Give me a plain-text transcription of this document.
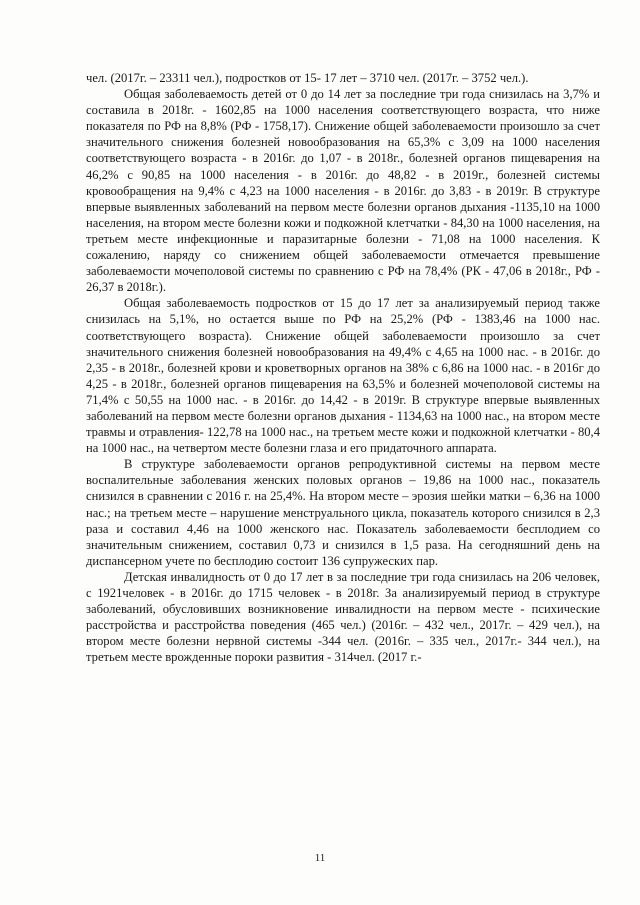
чел. (2017г. – 23311 чел.), подростков от 15- 17 лет – 3710 чел. (2017г. – 3752 чел.).

Общая заболеваемость детей от 0 до 14 лет за последние три года снизилась на 3,7% и составила в 2018г. - 1602,85 на 1000 населения соответствующего возраста, что ниже показателя по РФ на 8,8% (РФ - 1758,17). Снижение общей заболеваемости произошло за счет значительного снижения болезней новообразования на 65,3% с 3,09 на 1000 населения соответствующего возраста - в 2016г. до 1,07 - в 2018г., болезней органов пищеварения на 46,2% с 90,85 на 1000 населения - в 2016г. до 48,82 - в 2019г., болезней системы кровообращения на 9,4% с 4,23 на 1000 населения - в 2016г. до 3,83 - в 2019г. В структуре впервые выявленных заболеваний на первом месте болезни органов дыхания -1135,10 на 1000 населения, на втором месте болезни кожи и подкожной клетчатки - 84,30 на 1000 населения, на третьем месте инфекционные и паразитарные болезни - 71,08 на 1000 населения. К сожалению, наряду со снижением общей заболеваемости отмечается превышение заболеваемости мочеполовой системы по сравнению с РФ на 78,4% (РК - 47,06 в 2018г., РФ - 26,37 в 2018г.).

Общая заболеваемость подростков от 15 до 17 лет за анализируемый период также снизилась на 5,1%, но остается выше по РФ на 25,2% (РФ - 1383,46 на 1000 нас. соответствующего возраста). Снижение общей заболеваемости произошло за счет значительного снижения болезней новообразования на 49,4% с 4,65 на 1000 нас. - в 2016г. до 2,35 - в 2018г., болезней крови и кроветворных органов на 38% с 6,86 на 1000 нас. - в 2016г до 4,25 - в 2018г., болезней органов пищеварения на 63,5% и болезней мочеполовой системы на 71,4% с 50,55 на 1000 нас. - в 2016г. до 14,42 - в 2019г. В структуре впервые выявленных заболеваний на первом месте болезни органов дыхания - 1134,63 на 1000 нас., на втором месте травмы и отравления- 122,78 на 1000 нас., на третьем месте кожи и подкожной клетчатки - 80,4 на 1000 нас., на четвертом месте болезни глаза и его придаточного аппарата.

В структуре заболеваемости органов репродуктивной системы на первом месте воспалительные заболевания женских половых органов – 19,86 на 1000 нас., показатель снизился в сравнении с 2016 г. на 25,4%. На втором месте – эрозия шейки матки – 6,36 на 1000 нас.; на третьем месте – нарушение менструального цикла, показатель которого снизился в 2,3 раза и составил 4,46 на 1000 женского нас. Показатель заболеваемости бесплодием со значительным снижением, составил 0,73 и снизился в 1,5 раза. На сегодняшний день на диспансерном учете по бесплодию состоит 136 супружеских пар.

Детская инвалидность от 0 до 17 лет в за последние три года снизилась на 206 человек, с 1921человек - в 2016г. до 1715 человек - в 2018г. За анализируемый период в структуре заболеваний, обусловивших возникновение инвалидности на первом месте - психические расстройства и расстройства поведения (465 чел.) (2016г. – 432 чел., 2017г. – 429 чел.), на втором месте болезни нервной системы -344 чел. (2016г. – 335 чел., 2017г.- 344 чел.), на третьем месте врожденные пороки развития - 314чел. (2017 г.-

11
